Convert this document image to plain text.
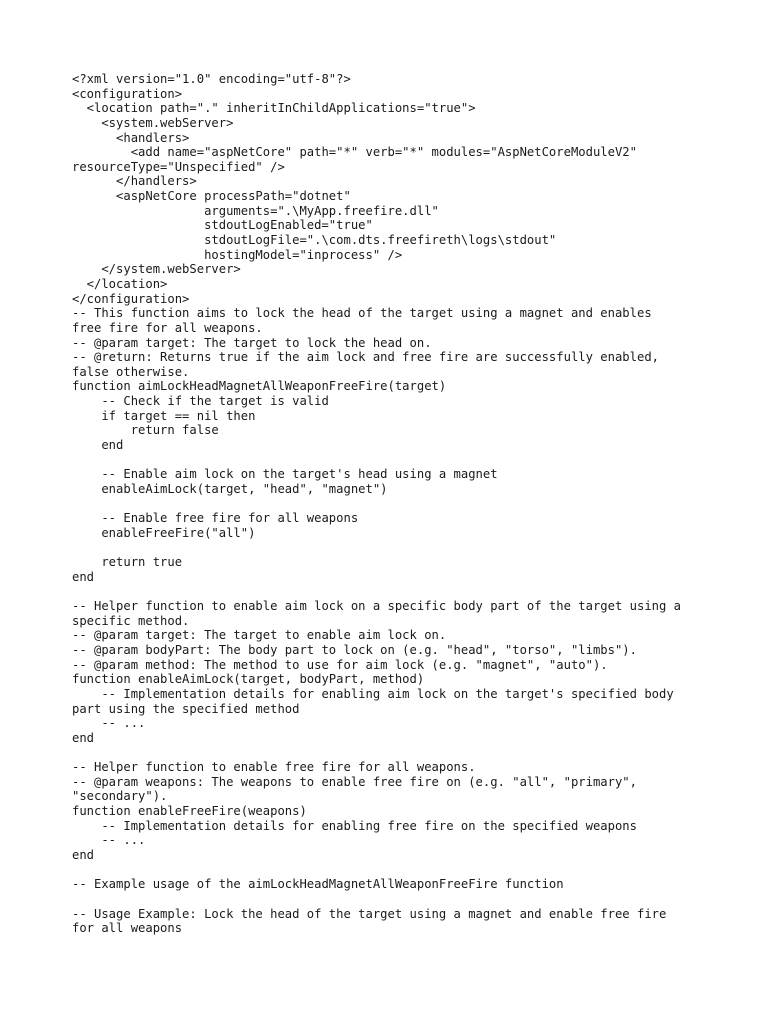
<?xml version="1.0" encoding="utf-8"?>
<configuration>
<location path="." inheritInChildApplications="true">
<system.webServer>
<handlers>
<add name="aspNetCore" path="*" verb="*" modules="AspNetCoreModuleV2"
resourceType="Unspecified" />
</handlers>
<aspNetCore processPath="dotnet"
arguments=".\MyApp.freefire.dll"
stdoutLogEnabled="true"
stdoutLogFile=".\com.dts.freefireth\logs\stdout"
hostingModel="inprocess" />
</system.webServer>
</location>
</configuration>
-- This function aims to lock the head of the target using a magnet and enables
free fire for all weapons.
-- @param target: The target to lock the head on.
-- @return: Returns true if the aim lock and free fire are successfully enabled,
false otherwise.
function aimLockHeadMagnetAllWeaponFreeFire(target)
-- Check if the target is valid
if target == nil then
return false
end
-- Enable aim lock on the target's head using a magnet
enableAimLock(target, "head", "magnet")
-- Enable free fire for all weapons
enableFreeFire("all")
return true
end
-- Helper function to enable aim lock on a specific body part of the target using a
specific method.
-- @param target: The target to enable aim lock on.
-- @param bodyPart: The body part to lock on (e.g. "head", "torso", "limbs").
-- @param method: The method to use for aim lock (e.g. "magnet", "auto").
function enableAimLock(target, bodyPart, method)
-- Implementation details for enabling aim lock on the target's specified body
part using the specified method
-- ...
end
-- Helper function to enable free fire for all weapons.
-- @param weapons: The weapons to enable free fire on (e.g. "all", "primary",
"secondary").
function enableFreeFire(weapons)
-- Implementation details for enabling free fire on the specified weapons
-- ...
end
-- Example usage of the aimLockHeadMagnetAllWeaponFreeFire function
-- Usage Example: Lock the head of the target using a magnet and enable free fire
for all weapons
